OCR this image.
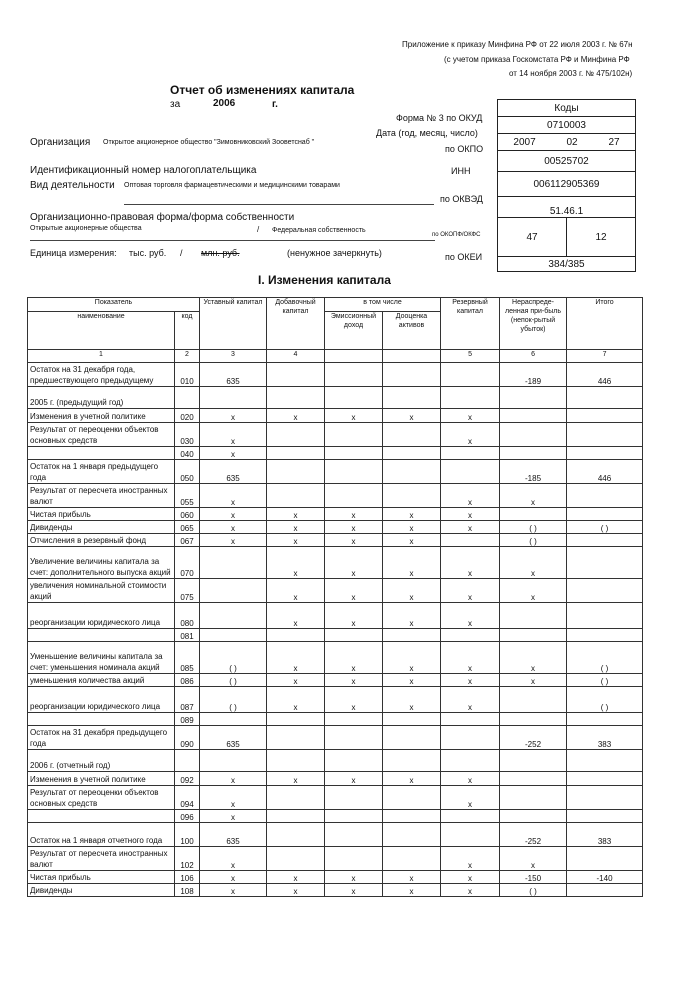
Приложение к приказу Минфина РФ от 22 июля 2003 г. № 67н
(с учетом приказа Госкомстата РФ и Минфина РФ
от 14 ноября 2003 г. № 475/102н)
Отчет об изменениях капитала
за	2006	г.
Форма № 3 по ОКУД
Дата (год, месяц, число)
Организация Открытое акционерное общество "Зимовниковский Зооветснаб "
по ОКПО
Идентификационный номер налогоплательщика	ИНН
Вид деятельности Оптовая торговля фармацевтическими и медицинскими товарами
по ОКВЭД
Организационно-правовая форма/форма собственности
Открытые акционерные общества	/ Федеральная собственность
по ОКОПФ/ОКФС
Единица измерения: тыс. руб. / млн. руб.	(ненужное зачеркнуть)	по ОКЕИ
Коды
0710003
2007	02	27
00525702
006112905369
51.46.1
47	12
384/385
I. Изменения капитала
Показатель		Уставный капитал	Добавочный капитал	в том числе		Резервный капитал	Нераспреде-ленная при-быль (непок-рытый убыток)	Итого
наименование	код			Эмиссионный доход	Дооценка активов			
1	2	3	4			5	6	7
Остаток на 31 декабря года, предшествующего предыдущему	010	635					-189	446
2005 г. (предыдущий год)								
Изменения в учетной политике	020	x	x	x	x	x		
Результат от переоценки объектов основных средств	030	x				x		
	040	x						
Остаток на 1 января предыдущего года	050	635					-185	446
Результат от пересчета иностранных валют	055	x				x	x	
Чистая прибыль	060	x	x	x	x	x		
Дивиденды	065	x	x	x	x	x	( )	( )
Отчисления в резервный фонд	067	x	x	x	x		( )	
Увеличение величины капитала за счет: дополнительного выпуска акций	070		x	x	x	x	x	
увеличения номинальной стоимости акций	075		x	x	x	x	x	
реорганизации юридического лица	080		x	x	x	x		
	081							
Уменьшение величины капитала за счет: уменьшения номинала акций	085	( )	x	x	x	x	x	( )
уменьшения количества акций	086	( )	x	x	x	x	x	( )
реорганизации юридического лица	087	( )	x	x	x	x		( )
	089							
Остаток на 31 декабря предыдущего года	090	635					-252	383
2006 г. (отчетный год)								
Изменения в учетной политике	092	x	x	x	x	x		
Результат от переоценки объектов основных средств	094	x				x		
	096	x						
Остаток на 1 января отчетного года	100	635					-252	383
Результат от пересчета иностранных валют	102	x				x	x	
Чистая прибыль	106	x	x	x	x	x	-150	-140
Дивиденды	108	x	x	x	x	x	( )	
